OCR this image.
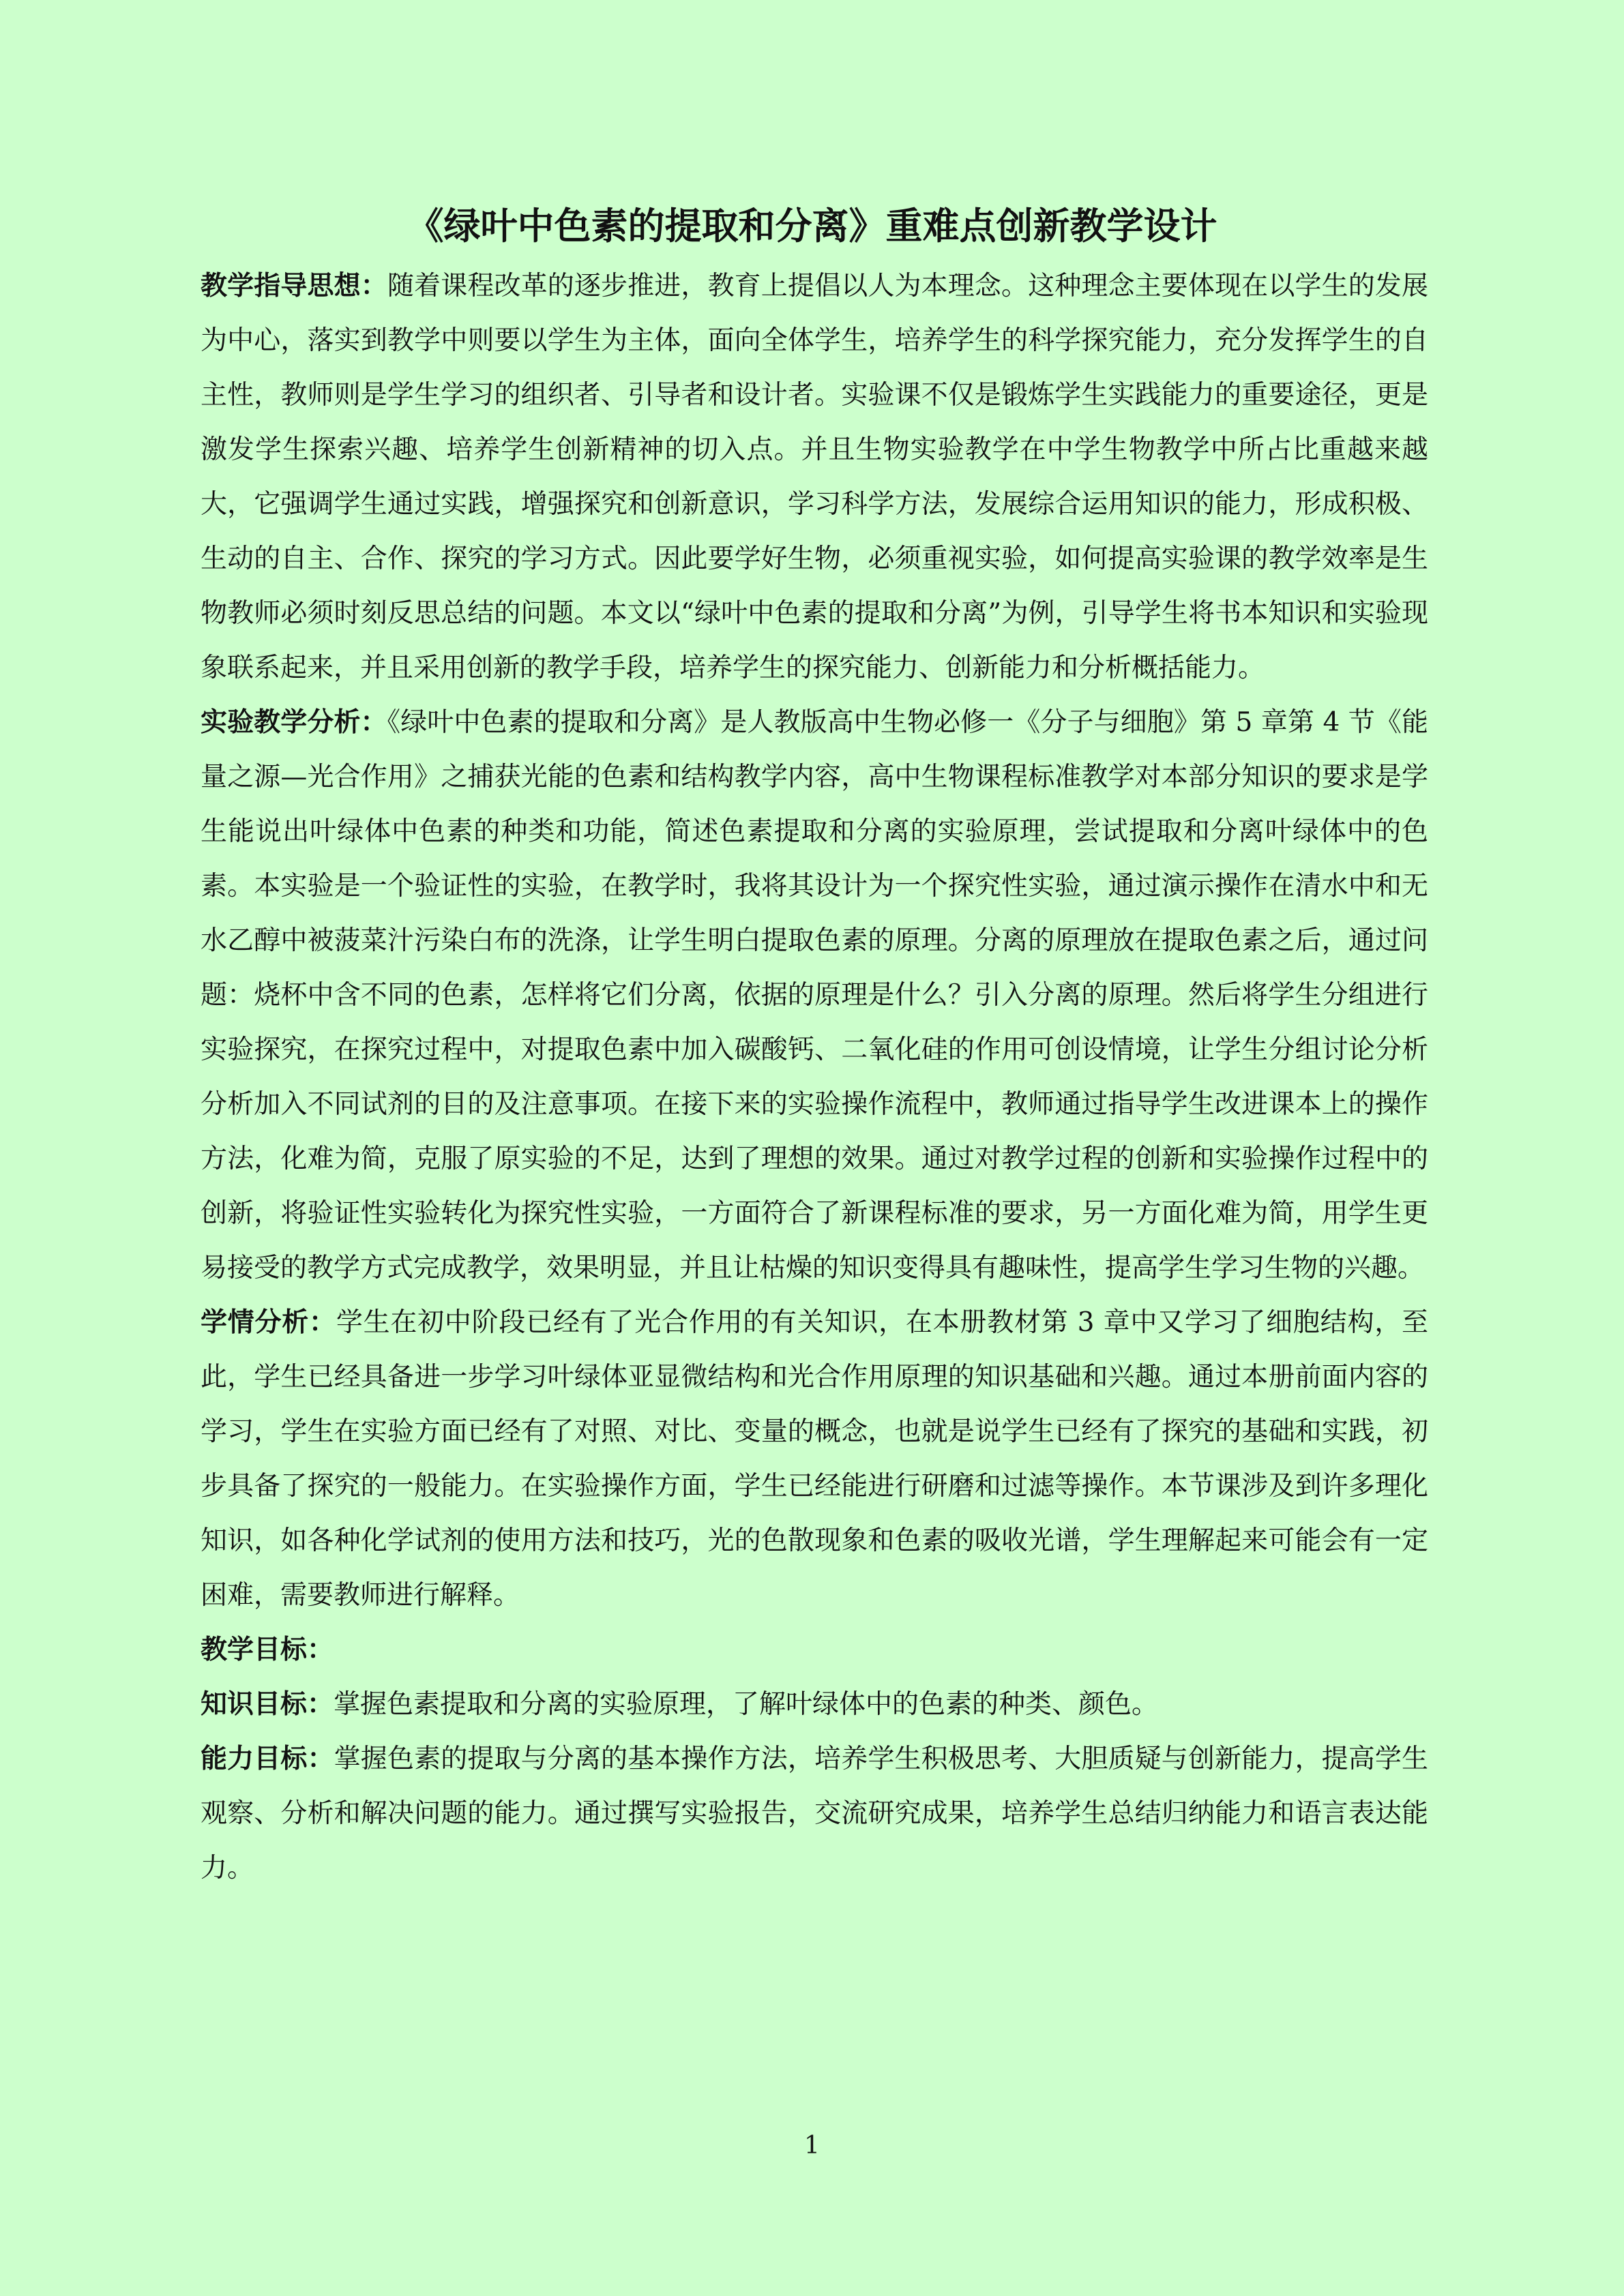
《绿叶中色素的提取和分离》重难点创新教学设计

教学指导思想：随着课程改革的逐步推进，教育上提倡以人为本理念。这种理念主要体现在以学生的发展为中心，落实到教学中则要以学生为主体，面向全体学生，培养学生的科学探究能力，充分发挥学生的自主性，教师则是学生学习的组织者、引导者和设计者。实验课不仅是锻炼学生实践能力的重要途径，更是激发学生探索兴趣、培养学生创新精神的切入点。并且生物实验教学在中学生物教学中所占比重越来越大，它强调学生通过实践，增强探究和创新意识，学习科学方法，发展综合运用知识的能力，形成积极、生动的自主、合作、探究的学习方式。因此要学好生物，必须重视实验，如何提高实验课的教学效率是生物教师必须时刻反思总结的问题。本文以“绿叶中色素的提取和分离”为例，引导学生将书本知识和实验现象联系起来，并且采用创新的教学手段，培养学生的探究能力、创新能力和分析概括能力。

实验教学分析：《绿叶中色素的提取和分离》是人教版高中生物必修一《分子与细胞》第 5 章第 4 节《能量之源—光合作用》之捕获光能的色素和结构教学内容，高中生物课程标准教学对本部分知识的要求是学生能说出叶绿体中色素的种类和功能，简述色素提取和分离的实验原理，尝试提取和分离叶绿体中的色素。本实验是一个验证性的实验，在教学时，我将其设计为一个探究性实验，通过演示操作在清水中和无水乙醇中被菠菜汁污染白布的洗涤，让学生明白提取色素的原理。分离的原理放在提取色素之后，通过问题：烧杯中含不同的色素，怎样将它们分离，依据的原理是什么？引入分离的原理。然后将学生分组进行实验探究，在探究过程中，对提取色素中加入碳酸钙、二氧化硅的作用可创设情境，让学生分组讨论分析分析加入不同试剂的目的及注意事项。在接下来的实验操作流程中，教师通过指导学生改进课本上的操作方法，化难为简，克服了原实验的不足，达到了理想的效果。通过对教学过程的创新和实验操作过程中的创新，将验证性实验转化为探究性实验，一方面符合了新课程标准的要求，另一方面化难为简，用学生更易接受的教学方式完成教学，效果明显，并且让枯燥的知识变得具有趣味性，提高学生学习生物的兴趣。

学情分析：学生在初中阶段已经有了光合作用的有关知识，在本册教材第 3 章中又学习了细胞结构，至此，学生已经具备进一步学习叶绿体亚显微结构和光合作用原理的知识基础和兴趣。通过本册前面内容的学习，学生在实验方面已经有了对照、对比、变量的概念，也就是说学生已经有了探究的基础和实践，初步具备了探究的一般能力。在实验操作方面，学生已经能进行研磨和过滤等操作。本节课涉及到许多理化知识，如各种化学试剂的使用方法和技巧，光的色散现象和色素的吸收光谱，学生理解起来可能会有一定困难，需要教师进行解释。

教学目标：

知识目标：掌握色素提取和分离的实验原理，了解叶绿体中的色素的种类、颜色。

能力目标：掌握色素的提取与分离的基本操作方法，培养学生积极思考、大胆质疑与创新能力，提高学生观察、分析和解决问题的能力。通过撰写实验报告，交流研究成果，培养学生总结归纳能力和语言表达能力。

1
